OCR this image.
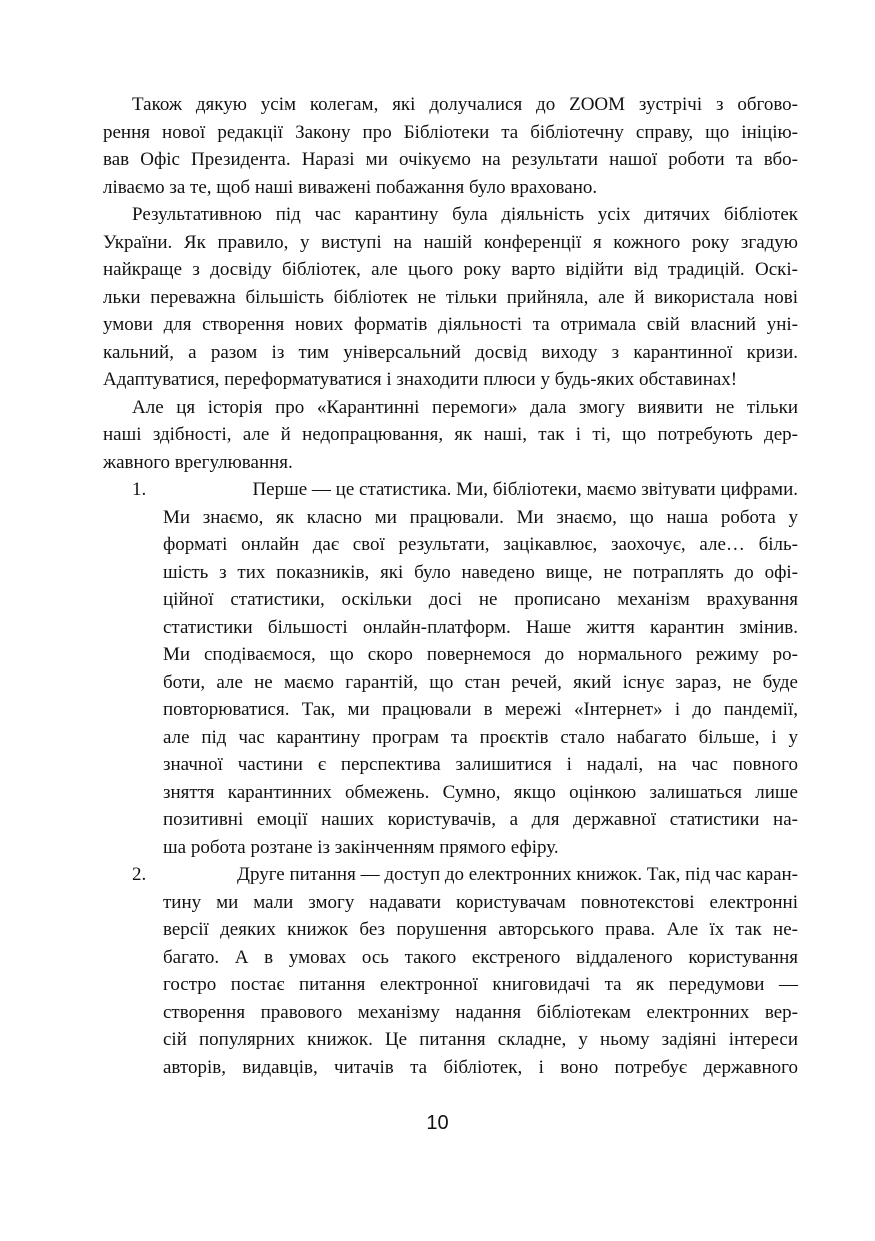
Також дякую усім колегам, які долучалися до ZOOM зустрічі з обгово-
рення нової редакції Закону про Бібліотеки та бібліотечну справу, що ініцію-
вав Офіс Президента. Наразі ми очікуємо на результати нашої роботи та вбо-
ліваємо за те, щоб наші виважені побажання було враховано.
Результативною під час карантину була діяльність усіх дитячих бібліотек
України. Як правило, у виступі на нашій конференції я кожного року згадую
найкраще з досвіду бібліотек, але цього року варто відійти від традицій. Оскі-
льки переважна більшість бібліотек не тільки прийняла, але й використала нові
умови для створення нових форматів діяльності та отримала свій власний уні-
кальний, а разом із тим універсальний досвід виходу з карантинної кризи.
Адаптуватися, переформатуватися і знаходити плюси у будь-яких обставинах!
Але ця історія про «Карантинні перемоги» дала змогу виявити не тільки
наші здібності, але й недопрацювання, як наші, так і ті, що потребують дер-
жавного врегулювання.
1.	Перше — це статистика. Ми, бібліотеки, маємо звітувати цифрами.
Ми знаємо, як класно ми працювали. Ми знаємо, що наша робота у
форматі онлайн дає свої результати, зацікавлює, заохочує, але… біль-
шість з тих показників, які було наведено вище, не потраплять до офі-
ційної статистики, оскільки досі не прописано механізм врахування
статистики більшості онлайн-платформ. Наше життя карантин змінив.
Ми сподіваємося, що скоро повернемося до нормального режиму ро-
боти, але не маємо гарантій, що стан речей, який існує зараз, не буде
повторюватися. Так, ми працювали в мережі «Інтернет» і до пандемії,
але під час карантину програм та проєктів стало набагато більше, і у
значної частини є перспектива залишитися і надалі, на час повного
зняття карантинних обмежень. Сумно, якщо оцінкою залишаться лише
позитивні емоції наших користувачів, а для державної статистики на-
ша робота розтане із закінченням прямого ефіру.
2.	Друге питання — доступ до електронних книжок. Так, під час каран-
тину ми мали змогу надавати користувачам повнотекстові електронні
версії деяких книжок без порушення авторського права. Але їх так не-
багато. А в умовах ось такого екстреного віддаленого користування
гостро постає питання електронної книговидачі та як передумови —
створення правового механізму надання бібліотекам електронних вер-
сій популярних книжок. Це питання складне, у ньому задіяні інтереси
авторів, видавців, читачів та бібліотек, і воно потребує державного
10
